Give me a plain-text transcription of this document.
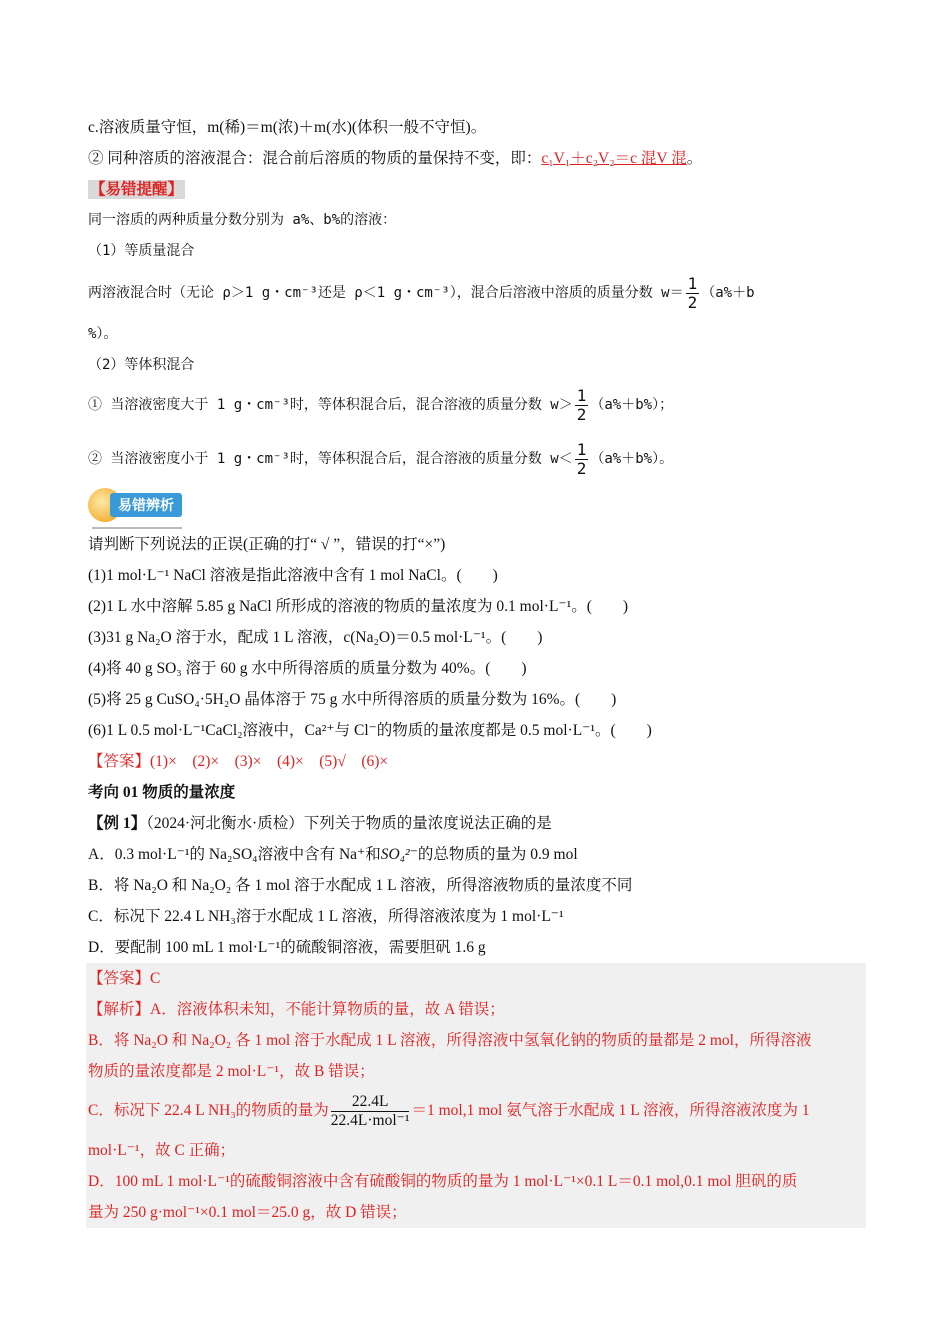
c.溶液质量守恒，m(稀)＝m(浓)＋m(水)(体积一般不守恒)。
② 同种溶质的溶液混合：混合前后溶质的物质的量保持不变，即：c₁V₁＋c₂V₂＝c 混V 混。
【易错提醒】
同一溶质的两种质量分数分别为 a%、b%的溶液：
（1）等质量混合
两溶液混合时（无论 ρ＞1 g・cm⁻³还是 ρ＜1 g・cm⁻³），混合后溶液中溶质的质量分数 $w= \frac{1}{2} (a\%+b$
%）。
（2）等体积混合
① 当溶液密度大于 1 g・cm⁻³时，等体积混合后，混合溶液的质量分数 $w> \frac{1}{2} (a\%+b\%)$；
② 当溶液密度小于 1 g・cm⁻³时，等体积混合后，混合溶液的质量分数 $w< \frac{1}{2} (a\%+b\%)$。
易错辨析
请判断下列说法的正误(正确的打“ √ ”，错误的打“×”)
(1)1 mol·L⁻¹ NaCl 溶液是指此溶液中含有 1 mol NaCl。(　　)
(2)1 L 水中溶解 5.85 g NaCl 所形成的溶液的物质的量浓度为 0.1 mol·L⁻¹。(　　)
(3)31 g Na₂O 溶于水，配成 1 L 溶液，c(Na₂O)＝0.5 mol·L⁻¹。(　　)
(4)将 40 g SO₃ 溶于 60 g 水中所得溶质的质量分数为 40%。(　　)
(5)将 25 g CuSO₄·5H₂O 晶体溶于 75 g 水中所得溶质的质量分数为 16%。(　　)
(6)1 L 0.5 mol·L⁻¹CaCl₂溶液中，Ca²⁺与 Cl⁻的物质的量浓度都是 0.5 mol·L⁻¹。(　　)
【答案】(1)×　(2)×　(3)×　(4)×　(5)√　(6)×
考向 01 物质的量浓度
【例 1】（2024·河北衡水·质检）下列关于物质的量浓度说法正确的是
A．0.3 mol·L⁻¹的 Na₂SO₄溶液中含有 Na⁺和SO₄²⁻的总物质的量为 0.9 mol
B．将 Na₂O 和 Na₂O₂ 各 1 mol 溶于水配成 1 L 溶液，所得溶液物质的量浓度不同
C．标况下 22.4 L NH₃溶于水配成 1 L 溶液，所得溶液浓度为 1 mol·L⁻¹
D．要配制 100 mL 1 mol·L⁻¹的硫酸铜溶液，需要胆矾 1.6 g
【答案】C
【解析】A．溶液体积未知，不能计算物质的量，故 A 错误；
B．将 Na₂O 和 Na₂O₂ 各 1 mol 溶于水配成 1 L 溶液，所得溶液中氢氧化钠的物质的量都是 2 mol，所得溶液
物质的量浓度都是 2 mol·L⁻¹，故 B 错误；
C．标况下 22.4 L NH₃的物质的量为 $\frac{22.4L}{\text{22.4L·mol⁻¹}} =1$ mol,1 mol 氨气溶于水配成 1 L 溶液，所得溶液浓度为 1
mol·L⁻¹，故 C 正确；
D．100 mL 1 mol·L⁻¹的硫酸铜溶液中含有硫酸铜的物质的量为 1 mol·L⁻¹×0.1 L＝0.1 mol,0.1 mol 胆矾的质
量为 250 g·mol⁻¹×0.1 mol＝25.0 g，故 D 错误；
